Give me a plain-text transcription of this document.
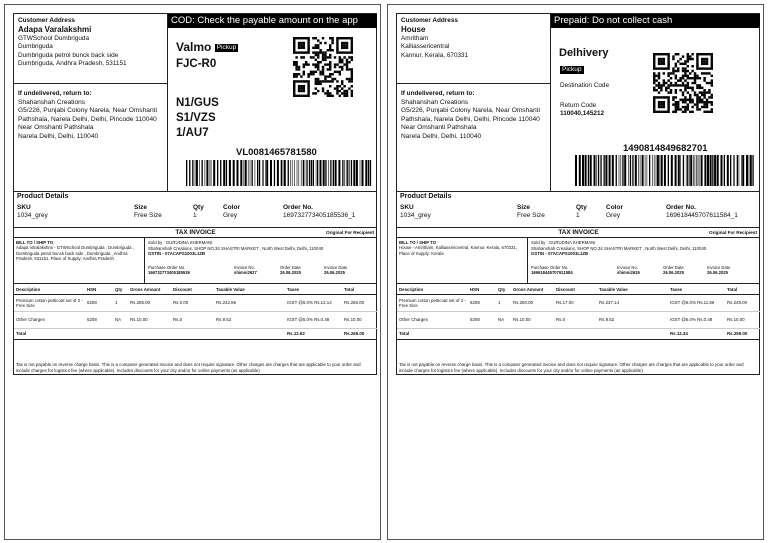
Customer Address
Adapa Varalakshmi
GTWSchool Dumbriguda
Dumbriguda
Dumbriguda petrol bunck back side
Dumbriguda, Andhra Pradesh, 531151
If undelivered, return to:
Shahanshah Creations
G5/226, Punjabi Colony Narela, Near Omshanti
Pathshala, Narela Delhi, Delhi, Pincode 110040
Near Omshanti Pathshala
Narela Delhi, Delhi, 110040
COD: Check the payable amount on the app
Valmo Pickup
FJC-R0
N1/GUS
S1/VZS
1/AU7
VL0081465781580
Product Details
SKU	Size	Qty	Color	Order No.
1034_grey	Free Size	1	Grey	169732773405185536_1
TAX INVOICE	Original For Recipient
BILL TO / SHIP TO
Adapa Varalakshmi - GTWSchool Dumbriguda , Dumbriguda , Dumbriguda petrol bunck back side , Dumbriguda , Andhra Pradesh, 531151, Place of Supply: Andhra Pradesh
Sold by : GURUDINA SHERMANI
Shahanshah Creations, SHOP NO.34 SHASTRI MARKET , North West Delhi, Delhi, 110040
GSTIN - 07ACAPS1003L1ZB
Purchase Order No.	Invoice No.	Order Date	Invoice Date
169732773405185536	shimni2627	26.06.2025	26.06.2025
Description	HSN	Qty	Gross Amount	Discount	Taxable Value	Taxes	Total
Premium cotton petticoat set of 2 - Free Size	6208	1	Rs.255.00	Rs.0.00	Rs.242.86	IGST @5.0% Rs.12.14	Rs.255.00
Other Charges	6208	NA	Rs.10.00	Rs.0	Rs.9.52	IGST @5.0% Rs.0.48	Rs.10.00
Total						Rs.12.62	Rs.265.00
Tax is not payable on reverse charge basis. This is a computer generated invoice and does not require signature. Other charges are charges that are applicable to your order and include charges for logistics fee (where applicable). Includes discounts for your city and/or for online payments (as applicable)
Customer Address
House
Amritham
Kalliassericentral
Kannur, Kerala, 670331
If undelivered, return to:
Shahanshah Creations
G5/226, Punjabi Colony Narela, Near Omshanti
Pathshala, Narela Delhi, Delhi, Pincode 110040
Near Omshanti Pathshala
Narela Delhi, Delhi, 110040
Prepaid: Do not collect cash
Delhivery
Pickup
Destination Code
Return Code
110040,145212
1490814849682701
Product Details
SKU	Size	Qty	Color	Order No.
1034_grey	Free Size	1	Grey	169618445707611584_1
TAX INVOICE	Original For Recipient
BILL TO / SHIP TO
House - Amritham, Kalliassericentral, Kannur, Kerala, 670331, Place of Supply: Kerala
Sold by : GURUDINA SHERMANI
Shahanshah Creations, SHOP NO.34 SHASTRI MARKET , North West Delhi, Delhi, 110040
GSTIN - 07ACAPS1003L1ZB
Purchase Order No.	Invoice No.	Order Date	Invoice Date
169618445707611584	shimni2626	26.06.2025	26.06.2025
Description	HSN	Qty	Gross Amount	Discount	Taxable Value	Taxes	Total
Premium cotton petticoat set of 2 - Free Size	6208	1	Rs.260.00	Rs.17.00	Rs.237.14	IGST @5.0% Rs.11.86	Rs.249.00
Other Charges	6208	NA	Rs.10.00	Rs.0	Rs.9.52	IGST @5.0% Rs.0.48	Rs.10.00
Total						Rs.12.34	Rs.259.00
Tax is not payable on reverse charge basis. This is a computer generated invoice and does not require signature. Other charges are charges that are applicable to your order and include charges for logistics fee (where applicable). Includes discounts for your city and/or for online payments (as applicable)
